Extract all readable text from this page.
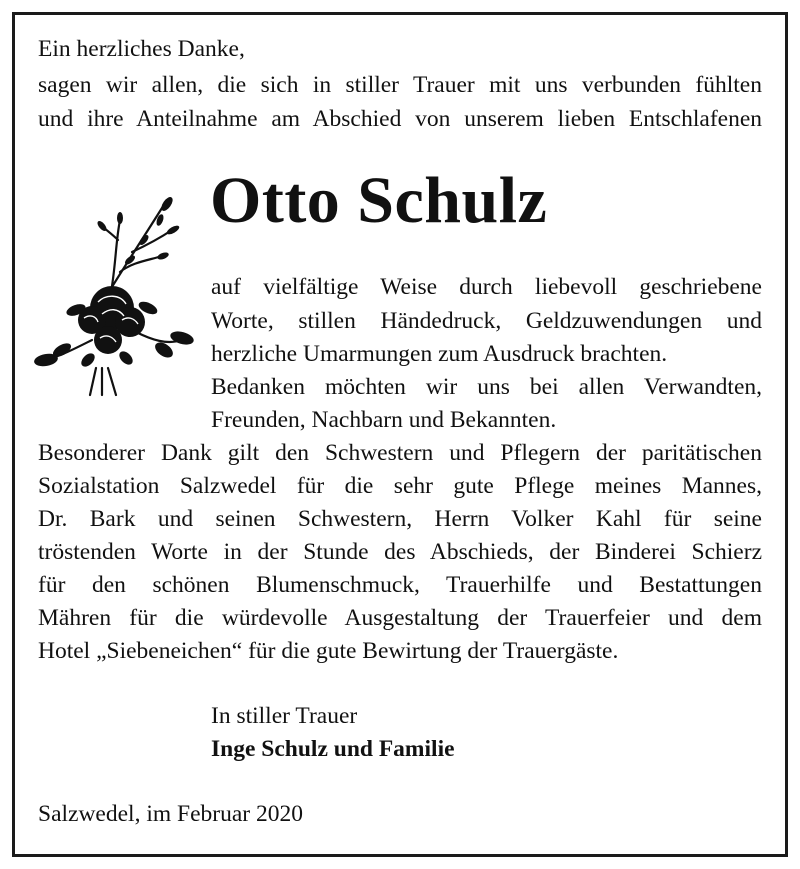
Ein herzliches Danke,
sagen wir allen, die sich in stiller Trauer mit uns verbunden fühlten
und ihre Anteilnahme am Abschied von unserem lieben Entschlafenen
Otto Schulz
auf vielfältige Weise durch liebevoll geschriebene
Worte, stillen Händedruck, Geldzuwendungen und
herzliche Umarmungen zum Ausdruck brachten.
Bedanken möchten wir uns bei allen Verwandten,
Freunden, Nachbarn und Bekannten.
Besonderer Dank gilt den Schwestern und Pflegern der paritätischen
Sozialstation Salzwedel für die sehr gute Pflege meines Mannes,
Dr. Bark und seinen Schwestern, Herrn Volker Kahl für seine
tröstenden Worte in der Stunde des Abschieds, der Binderei Schierz
für den schönen Blumenschmuck, Trauerhilfe und Bestattungen
Mähren für die würdevolle Ausgestaltung der Trauerfeier und dem
Hotel „Siebeneichen“ für die gute Bewirtung der Trauergäste.
In stiller Trauer
Inge Schulz und Familie
Salzwedel, im Februar 2020
